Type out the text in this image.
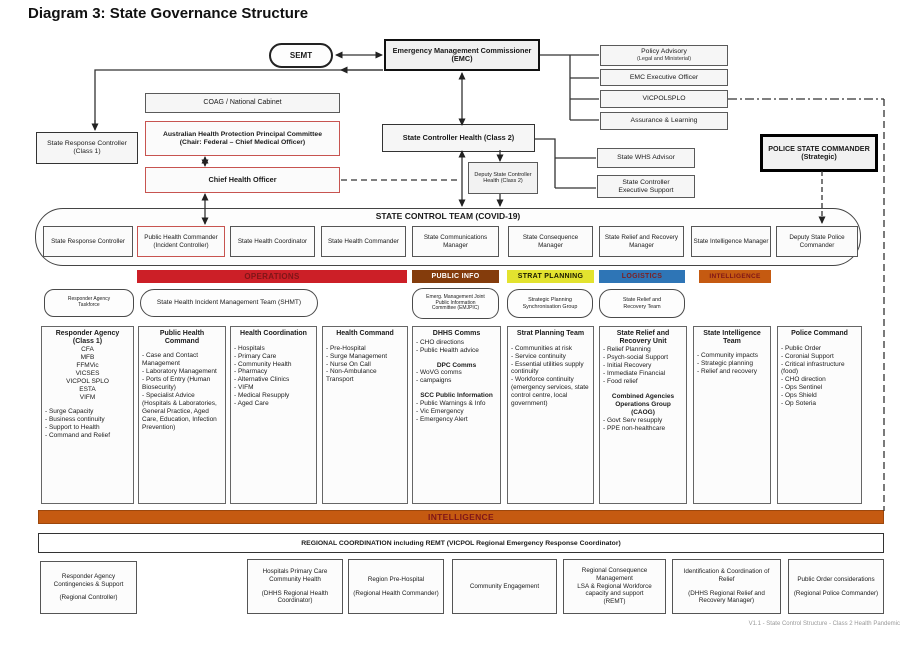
Diagram 3: State Governance Structure
SEMT
Emergency Management Commissioner
(EMC)
Policy Advisory
(Legal and Ministerial)
EMC Executive Officer
VICPOLSPLO
Assurance & Learning
COAG / National Cabinet
Australian Health Protection Principal Committee
(Chair: Federal – Chief Medical Officer)
Chief Health Officer
State Response Controller
(Class 1)
State Controller Health (Class 2)
Deputy State Controller
Health (Class 2)
State WHS Advisor
State Controller
Executive Support
POLICE STATE COMMANDER
(Strategic)
STATE CONTROL TEAM (COVID-19)
State Response Controller
Public Health Commander (Incident Controller)
State Health Coordinator	State Health Commander
State Communications Manager
State Consequence Manager
State Relief and Recovery Manager
State Intelligence Manager
Deputy State Police Commander
OPERATIONS	PUBLIC INFO	STRAT PLANNING	LOGISTICS	INTELLIGENCE
Responder Agency
Taskforce	State Health Incident Management Team (SHMT)
Emerg. Management Joint
Public Information
Committee (EMJPIC)
Strategic Planning
Synchronisation Group
State Relief and
Recovery Team
Responder Agency (Class 1)
CFA
MFB
FFMVic
VICSES
VICPOL SPLO
ESTA
VIFM
- Surge Capacity
- Business continuity
- Support to Health
- Command and Relief
Public Health Command
- Case and Contact Management
- Laboratory Management
- Ports of Entry (Human Biosecurity)
- Specialist Advice (Hospitals & Laboratories, General Practice, Aged Care, Education, Infection Prevention)
Health Coordination
- Hospitals
- Primary Care
- Community Health
- Pharmacy
- Alternative Clinics
- VIFM
- Medical Resupply
- Aged Care
Health Command
- Pre-Hospital
- Surge Management
- Nurse On Call
- Non-Ambulance Transport
DHHS Comms
- CHO directions
- Public Health advice
DPC Comms
- WoVG comms
- campaigns
SCC Public Information
- Public Warnings & Info
- Vic Emergency
- Emergency Alert
Strat Planning Team
- Communities at risk
- Service continuity
- Essential utilities supply continuity
- Workforce continuity (emergency services, state control centre, local government)
State Relief and Recovery Unit
- Relief Planning
- Psych-social Support
- Initial Recovery
- Immediate Financial
- Food relief
Combined Agencies Operations Group (CAOG)
- Govt Serv resupply
- PPE non-healthcare
State Intelligence Team
- Community impacts
- Strategic planning
- Relief and recovery
Police Command
- Public Order
- Coronial Support
- Critical infrastructure (food)
- CHO direction
- Ops Sentinel
- Ops Shield
- Op Soteria
INTELLIGENCE
REGIONAL COORDINATION including REMT (VICPOL Regional Emergency Response Coordinator)
Responder Agency Contingencies & Support
(Regional Controller)
Hospitals Primary Care Community Health
(DHHS Regional Health Coordinator)
Region Pre-Hospital
(Regional Health Commander)
Community Engagement
Regional Consequence Management
LSA & Regional Workforce capacity and support
(REMT)
Identification & Coordination of Relief
(DHHS Regional Relief and Recovery Manager)
Public Order considerations
(Regional Police Commander)
V1.1 - State Control Structure - Class 2 Health Pandemic
